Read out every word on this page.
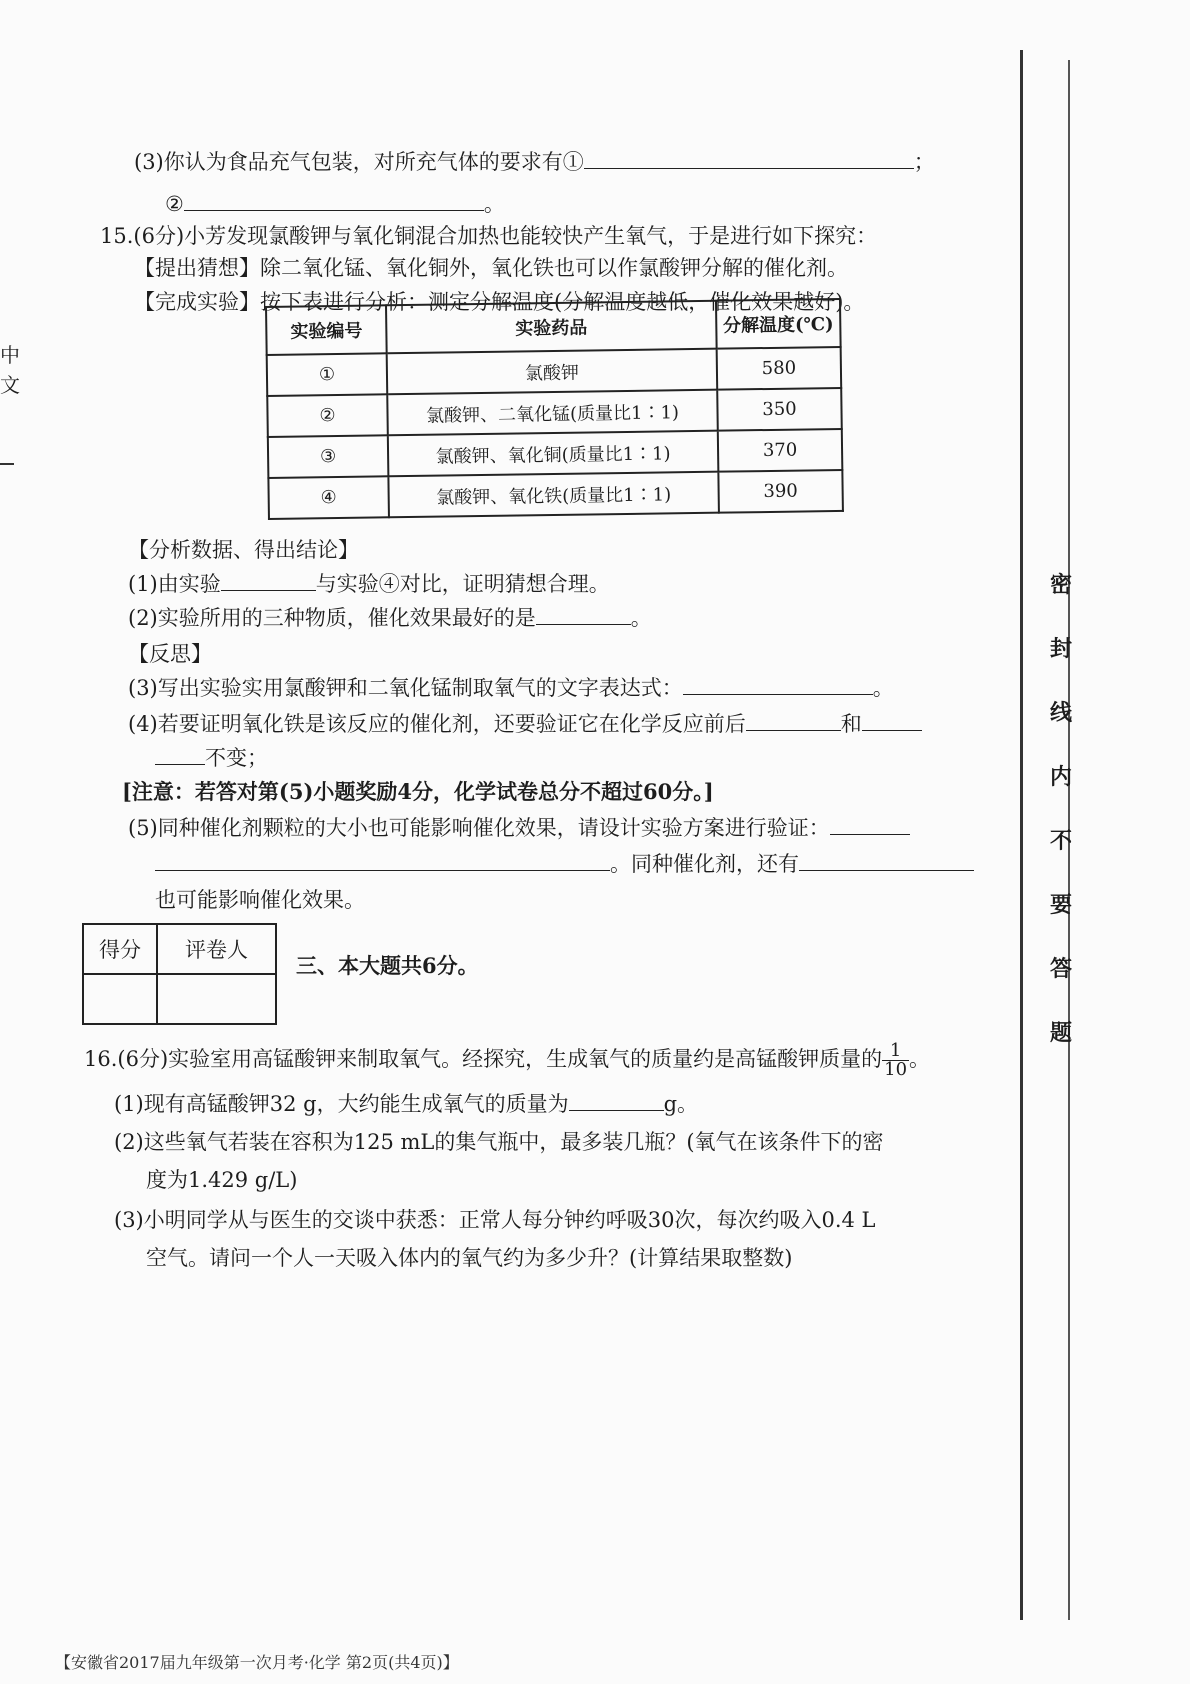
中
文
(3)你认为食品充气包装，对所充气体的要求有①	；
②	。
15.(6分)小芳发现氯酸钾与氧化铜混合加热也能较快产生氧气，于是进行如下探究：
【提出猜想】除二氧化锰、氧化铜外，氧化铁也可以作氯酸钾分解的催化剂。
【完成实验】按下表进行分析：测定分解温度(分解温度越低，催化效果越好)。
实验编号	实验药品	分解温度(℃)
①	氯酸钾	580
②	氯酸钾、二氧化锰(质量比1∶1)	350
③	氯酸钾、氧化铜(质量比1∶1)	370
④	氯酸钾、氧化铁(质量比1∶1)	390
【分析数据、得出结论】
(1)由实验	与实验④对比，证明猜想合理。
(2)实验所用的三种物质，催化效果最好的是	。
【反思】
(3)写出实验实用氯酸钾和二氧化锰制取氧气的文字表达式：	。
(4)若要证明氧化铁是该反应的催化剂，还要验证它在化学反应前后	和
不变；
[注意：若答对第(5)小题奖励4分，化学试卷总分不超过60分。]
(5)同种催化剂颗粒的大小也可能影响催化效果，请设计实验方案进行验证：
。同种催化剂，还有
也可能影响催化效果。
得分	评卷人

三、本大题共6分。
16.(6分)实验室用高锰酸钾来制取氧气。经探究，生成氧气的质量约是高锰酸钾质量的 $\frac{1}{10}$ 。
(1)现有高锰酸钾32 g，大约能生成氧气的质量为	g。
(2)这些氧气若装在容积为125 mL的集气瓶中，最多装几瓶？(氧气在该条件下的密
度为1.429 g/L)
(3)小明同学从与医生的交谈中获悉：正常人每分钟约呼吸30次，每次约吸入0.4 L
空气。请问一个人一天吸入体内的氧气约为多少升？(计算结果取整数)
密
封
线
内
不
要
答
题
【安徽省2017届九年级第一次月考·化学 第2页(共4页)】
